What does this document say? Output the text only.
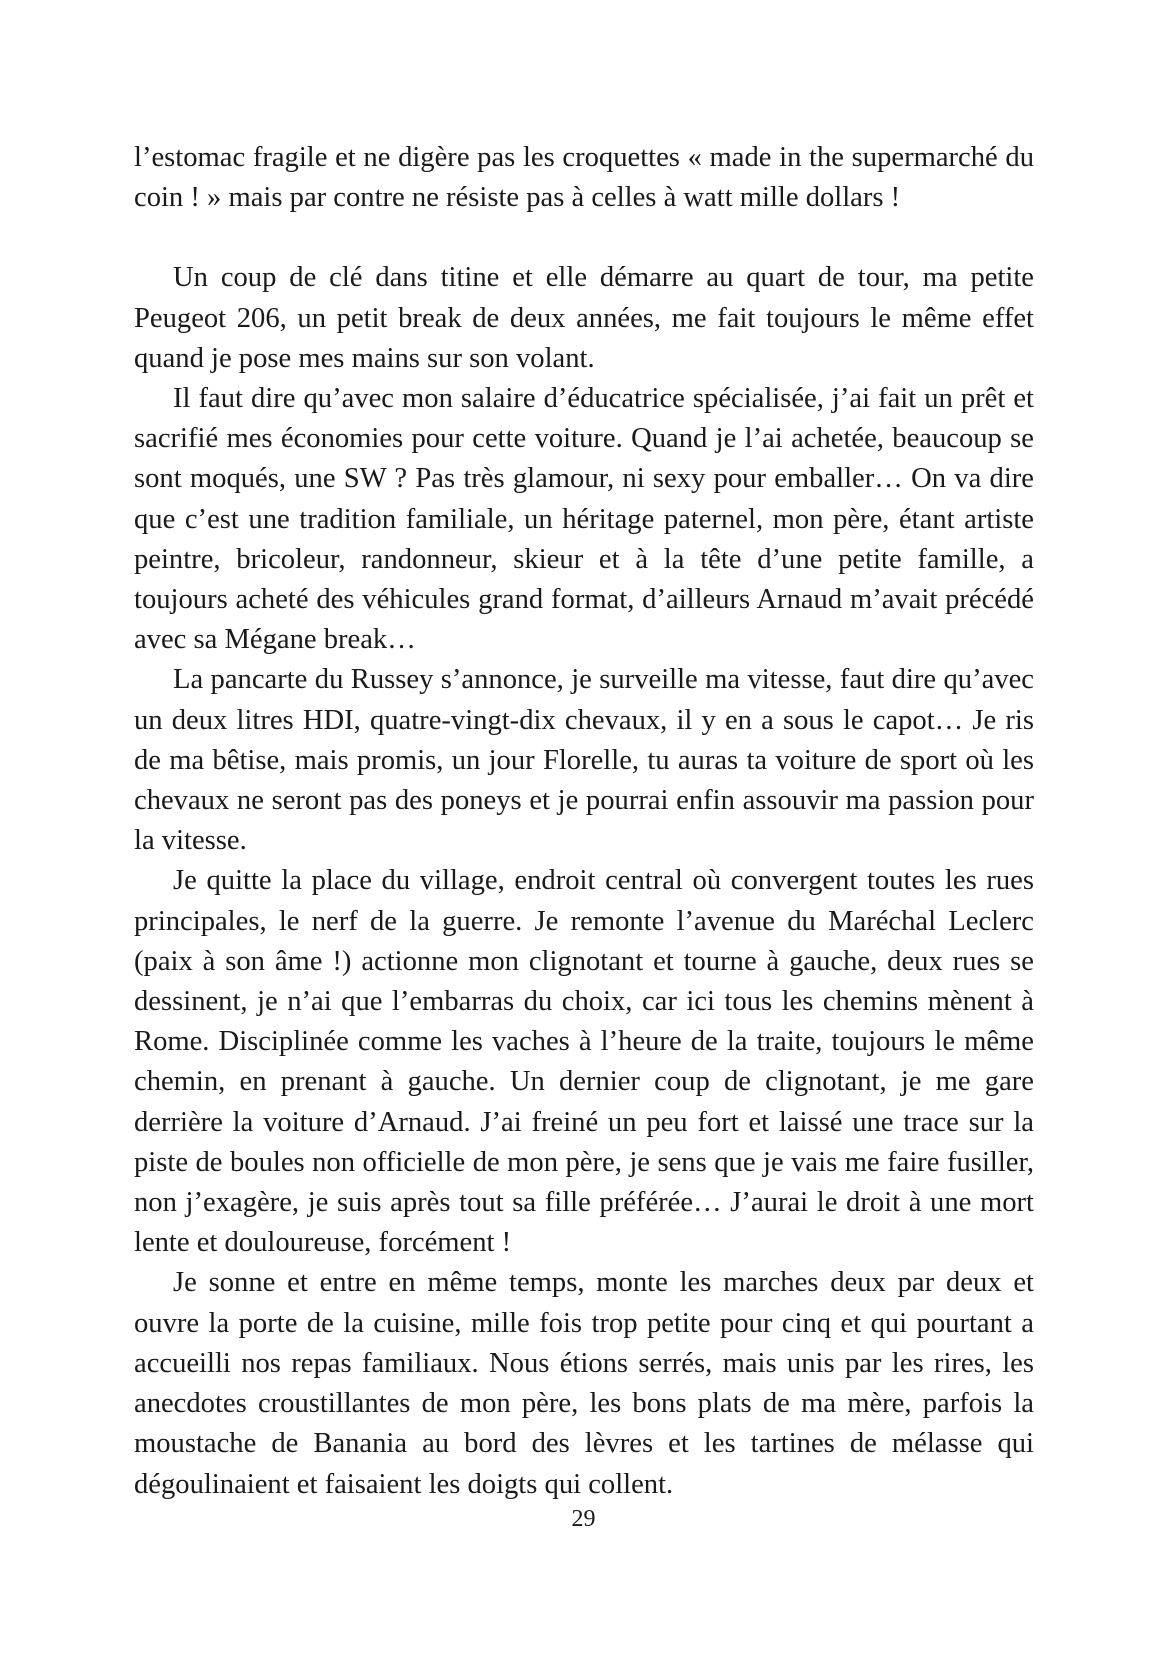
l’estomac fragile et ne digère pas les croquettes « made in the supermarché du coin ! » mais par contre ne résiste pas à celles à watt mille dollars !

Un coup de clé dans titine et elle démarre au quart de tour, ma petite Peugeot 206, un petit break de deux années, me fait toujours le même effet quand je pose mes mains sur son volant.

Il faut dire qu’avec mon salaire d’éducatrice spécialisée, j’ai fait un prêt et sacrifié mes économies pour cette voiture. Quand je l’ai achetée, beaucoup se sont moqués, une SW ? Pas très glamour, ni sexy pour emballer… On va dire que c’est une tradition familiale, un héritage paternel, mon père, étant artiste peintre, bricoleur, randonneur, skieur et à la tête d’une petite famille, a toujours acheté des véhicules grand format, d’ailleurs Arnaud m’avait précédé avec sa Mégane break…

La pancarte du Russey s’annonce, je surveille ma vitesse, faut dire qu’avec un deux litres HDI, quatre-vingt-dix chevaux, il y en a sous le capot… Je ris de ma bêtise, mais promis, un jour Florelle, tu auras ta voiture de sport où les chevaux ne seront pas des poneys et je pourrai enfin assouvir ma passion pour la vitesse.

Je quitte la place du village, endroit central où convergent toutes les rues principales, le nerf de la guerre. Je remonte l’avenue du Maréchal Leclerc (paix à son âme !) actionne mon clignotant et tourne à gauche, deux rues se dessinent, je n’ai que l’embarras du choix, car ici tous les chemins mènent à Rome. Disciplinée comme les vaches à l’heure de la traite, toujours le même chemin, en prenant à gauche. Un dernier coup de clignotant, je me gare derrière la voiture d’Arnaud. J’ai freiné un peu fort et laissé une trace sur la piste de boules non officielle de mon père, je sens que je vais me faire fusiller, non j’exagère, je suis après tout sa fille préférée… J’aurai le droit à une mort lente et douloureuse, forcément !

Je sonne et entre en même temps, monte les marches deux par deux et ouvre la porte de la cuisine, mille fois trop petite pour cinq et qui pourtant a accueilli nos repas familiaux. Nous étions serrés, mais unis par les rires, les anecdotes croustillantes de mon père, les bons plats de ma mère, parfois la moustache de Banania au bord des lèvres et les tartines de mélasse qui dégoulinaient et faisaient les doigts qui collent.

29
